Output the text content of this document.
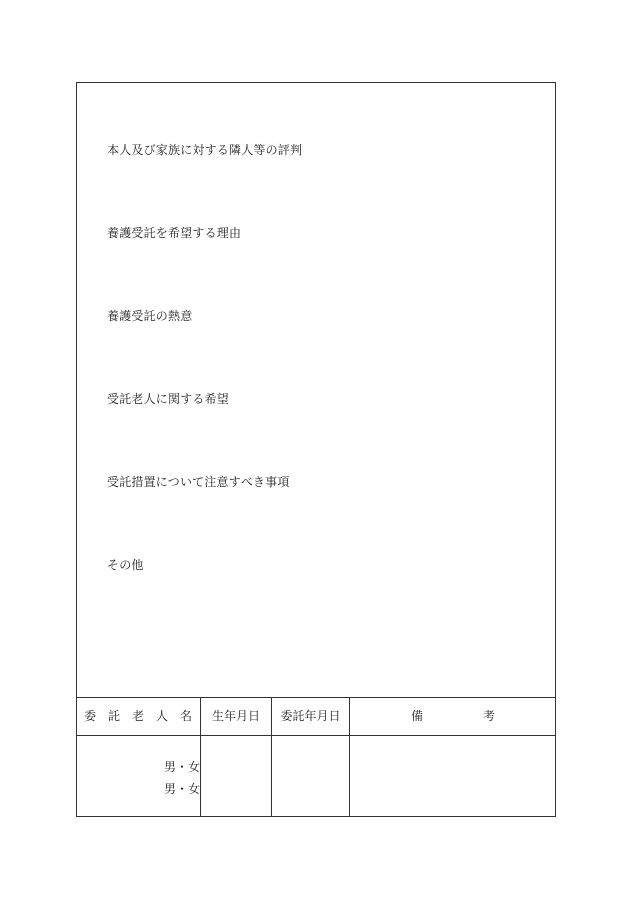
本人及び家族に対する隣人等の評判
養護受託を希望する理由
養護受託の熱意
受託老人に関する希望
受託措置について注意すべき事項
その他
委　託　老　人　名	生年月日	委託年月日	備　　　　　考
男・女
男・女
